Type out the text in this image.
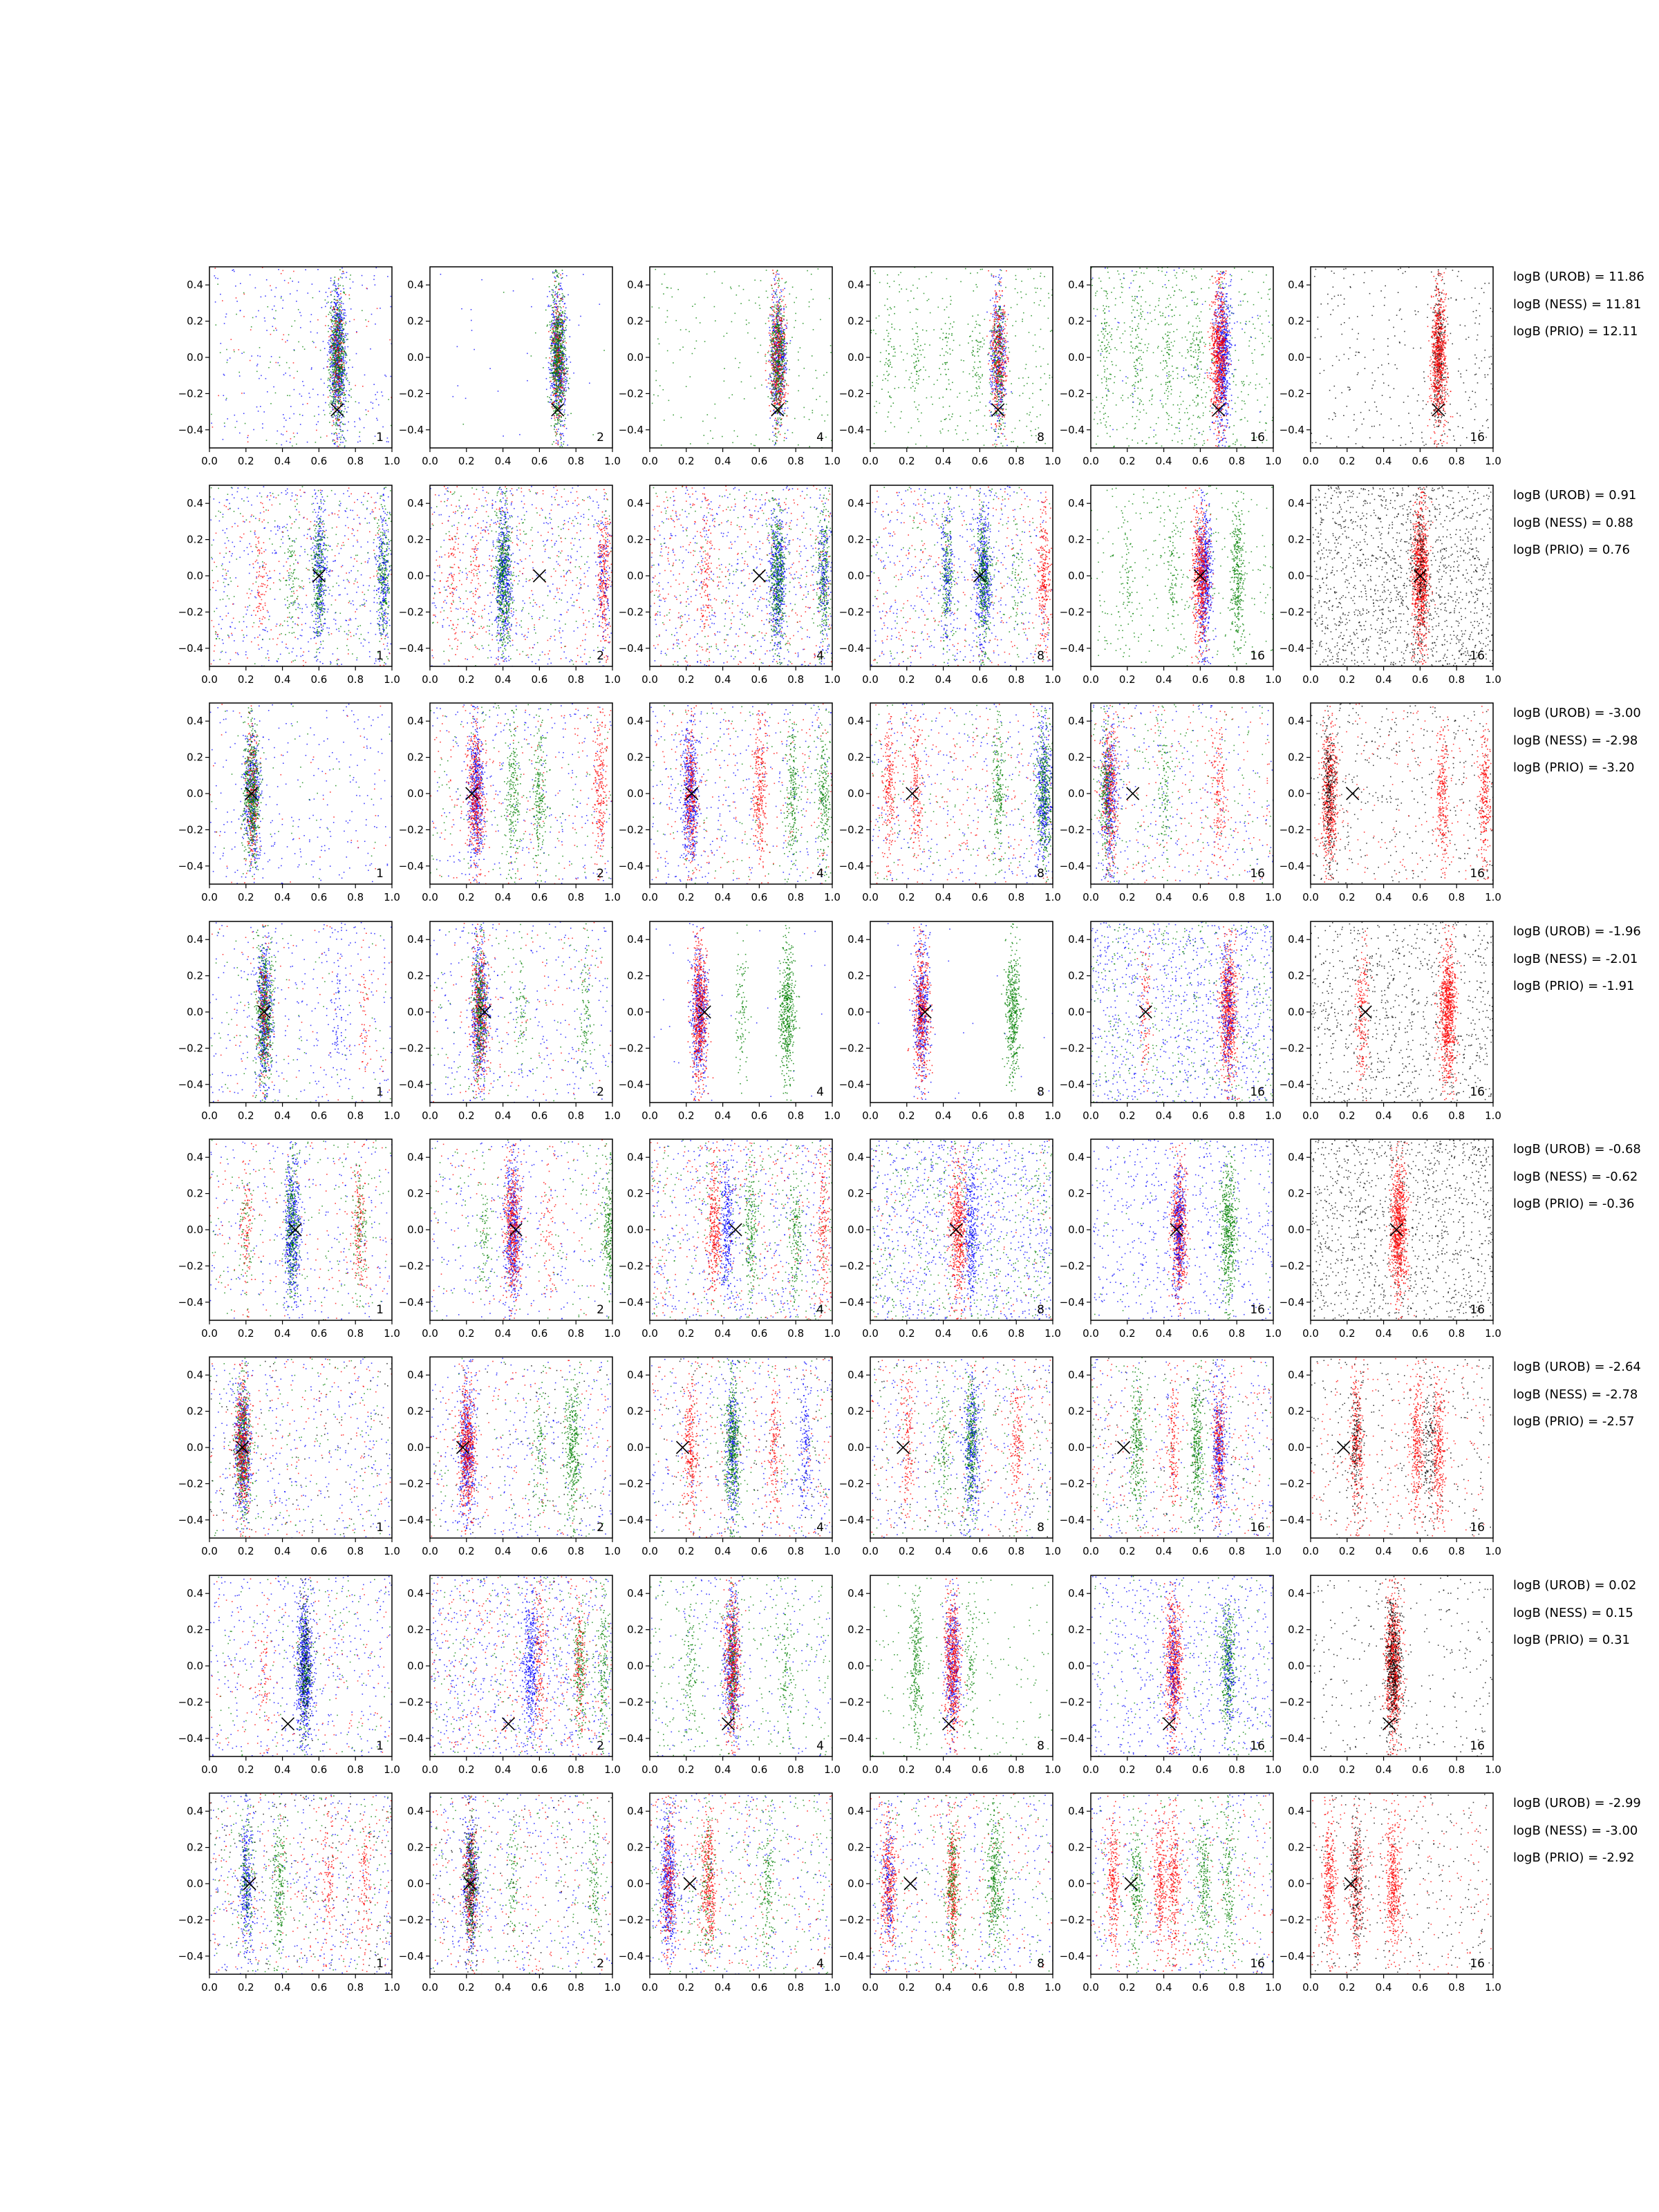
0.4
0.2
0.0
−0.2
−0.4
0.0 0.2 0.4 0.6 0.8 1.0
1
0.4
0.2
0.0
−0.2
−0.4
0.0 0.2 0.4 0.6 0.8 1.0
2
0.4
0.2
0.0
−0.2
−0.4
0.0 0.2 0.4 0.6 0.8 1.0
4
0.4
0.2
0.0
−0.2
−0.4
0.0 0.2 0.4 0.6 0.8 1.0
8
0.4
0.2
0.0
−0.2
−0.4
0.0 0.2 0.4 0.6 0.8 1.0
16
0.4
0.2
0.0
−0.2
−0.4
0.0 0.2 0.4 0.6 0.8 1.0
16
logB (UROB) = 11.86
logB (NESS) = 11.81
logB (PRIO) = 12.11
0.4
0.2
0.0
−0.2
−0.4
0.0 0.2 0.4 0.6 0.8 1.0
1
0.4
0.2
0.0
−0.2
−0.4
0.0 0.2 0.4 0.6 0.8 1.0
2
0.4
0.2
0.0
−0.2
−0.4
0.0 0.2 0.4 0.6 0.8 1.0
4
0.4
0.2
0.0
−0.2
−0.4
0.0 0.2 0.4 0.6 0.8 1.0
8
0.4
0.2
0.0
−0.2
−0.4
0.0 0.2 0.4 0.6 0.8 1.0
16
0.4
0.2
0.0
−0.2
−0.4
0.0 0.2 0.4 0.6 0.8 1.0
16
logB (UROB) = 0.91
logB (NESS) = 0.88
logB (PRIO) = 0.76
0.4
0.2
0.0
−0.2
−0.4
0.0 0.2 0.4 0.6 0.8 1.0
1
0.4
0.2
0.0
−0.2
−0.4
0.0 0.2 0.4 0.6 0.8 1.0
2
0.4
0.2
0.0
−0.2
−0.4
0.0 0.2 0.4 0.6 0.8 1.0
4
0.4
0.2
0.0
−0.2
−0.4
0.0 0.2 0.4 0.6 0.8 1.0
8
0.4
0.2
0.0
−0.2
−0.4
0.0 0.2 0.4 0.6 0.8 1.0
16
0.4
0.2
0.0
−0.2
−0.4
0.0 0.2 0.4 0.6 0.8 1.0
16
logB (UROB) = -3.00
logB (NESS) = -2.98
logB (PRIO) = -3.20
0.4
0.2
0.0
−0.2
−0.4
0.0 0.2 0.4 0.6 0.8 1.0
1
0.4
0.2
0.0
−0.2
−0.4
0.0 0.2 0.4 0.6 0.8 1.0
2
0.4
0.2
0.0
−0.2
−0.4
0.0 0.2 0.4 0.6 0.8 1.0
4
0.4
0.2
0.0
−0.2
−0.4
0.0 0.2 0.4 0.6 0.8 1.0
8
0.4
0.2
0.0
−0.2
−0.4
0.0 0.2 0.4 0.6 0.8 1.0
16
0.4
0.2
0.0
−0.2
−0.4
0.0 0.2 0.4 0.6 0.8 1.0
16
logB (UROB) = -1.96
logB (NESS) = -2.01
logB (PRIO) = -1.91
0.4
0.2
0.0
−0.2
−0.4
0.0 0.2 0.4 0.6 0.8 1.0
1
0.4
0.2
0.0
−0.2
−0.4
0.0 0.2 0.4 0.6 0.8 1.0
2
0.4
0.2
0.0
−0.2
−0.4
0.0 0.2 0.4 0.6 0.8 1.0
4
0.4
0.2
0.0
−0.2
−0.4
0.0 0.2 0.4 0.6 0.8 1.0
8
0.4
0.2
0.0
−0.2
−0.4
0.0 0.2 0.4 0.6 0.8 1.0
16
0.4
0.2
0.0
−0.2
−0.4
0.0 0.2 0.4 0.6 0.8 1.0
16
logB (UROB) = -0.68
logB (NESS) = -0.62
logB (PRIO) = -0.36
0.4
0.2
0.0
−0.2
−0.4
0.0 0.2 0.4 0.6 0.8 1.0
1
0.4
0.2
0.0
−0.2
−0.4
0.0 0.2 0.4 0.6 0.8 1.0
2
0.4
0.2
0.0
−0.2
−0.4
0.0 0.2 0.4 0.6 0.8 1.0
4
0.4
0.2
0.0
−0.2
−0.4
0.0 0.2 0.4 0.6 0.8 1.0
8
0.4
0.2
0.0
−0.2
−0.4
0.0 0.2 0.4 0.6 0.8 1.0
16
0.4
0.2
0.0
−0.2
−0.4
0.0 0.2 0.4 0.6 0.8 1.0
16
logB (UROB) = -2.64
logB (NESS) = -2.78
logB (PRIO) = -2.57
0.4
0.2
0.0
−0.2
−0.4
0.0 0.2 0.4 0.6 0.8 1.0
1
0.4
0.2
0.0
−0.2
−0.4
0.0 0.2 0.4 0.6 0.8 1.0
2
0.4
0.2
0.0
−0.2
−0.4
0.0 0.2 0.4 0.6 0.8 1.0
4
0.4
0.2
0.0
−0.2
−0.4
0.0 0.2 0.4 0.6 0.8 1.0
8
0.4
0.2
0.0
−0.2
−0.4
0.0 0.2 0.4 0.6 0.8 1.0
16
0.4
0.2
0.0
−0.2
−0.4
0.0 0.2 0.4 0.6 0.8 1.0
16
logB (UROB) = 0.02
logB (NESS) = 0.15
logB (PRIO) = 0.31
0.4
0.2
0.0
−0.2
−0.4
0.0 0.2 0.4 0.6 0.8 1.0
1
0.4
0.2
0.0
−0.2
−0.4
0.0 0.2 0.4 0.6 0.8 1.0
2
0.4
0.2
0.0
−0.2
−0.4
0.0 0.2 0.4 0.6 0.8 1.0
4
0.4
0.2
0.0
−0.2
−0.4
0.0 0.2 0.4 0.6 0.8 1.0
8
0.4
0.2
0.0
−0.2
−0.4
0.0 0.2 0.4 0.6 0.8 1.0
16
0.4
0.2
0.0
−0.2
−0.4
0.0 0.2 0.4 0.6 0.8 1.0
16
logB (UROB) = -2.99
logB (NESS) = -3.00
logB (PRIO) = -2.92
